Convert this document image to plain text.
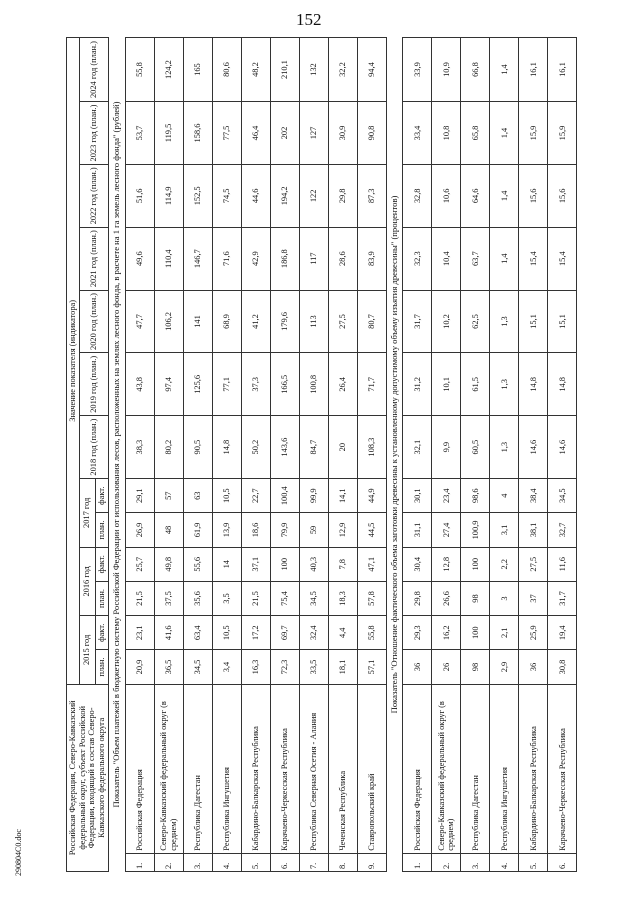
152
Российская Федерация, Северо-Кавказский федеральный округ, субъект Российской Федерации, входящий в состав Северо-Кавказского федерального округа		Значение показателя (индикатора)												
		2015 год		2016 год		2017 год		2018 год (план.)	2019 год (план.)	2020 год (план.)	2021 год (план.)	2022 год (план.)	2023 год (план.)	2024 год (план.)
		план.	факт.	план.	факт.	план.	факт.							
Показатель "Объем платежей в бюджетную систему Российской Федерации от использования лесов, расположенных на землях лесного фонда, в расчете на 1 га земель лесного фонда" (рублей)														
1.	Российская Федерация	20,9	23,1	21,5	25,7	26,9	29,1	38,3	43,8	47,7	49,6	51,6	53,7	55,8
2.	Северо-Кавказский федеральный округ (в среднем)	36,5	41,6	37,5	49,8	48	57	80,2	97,4	106,2	110,4	114,9	119,5	124,2
3.	Республика Дагестан	34,5	63,4	35,6	55,6	61,9	63	90,5	125,6	141	146,7	152,5	158,6	165
4.	Республика Ингушетия	3,4	10,5	3,5	14	13,9	10,5	14,8	77,1	68,9	71,6	74,5	77,5	80,6
5.	Кабардино-Балкарская Республика	16,3	17,2	21,5	37,1	18,6	22,7	50,2	37,3	41,2	42,9	44,6	46,4	48,2
6.	Карачаево-Черкесская Республика	72,3	69,7	75,4	100	79,9	100,4	143,6	166,5	179,6	186,8	194,2	202	210,1
7.	Республика Северная Осетия - Алания	33,5	32,4	34,5	40,3	59	99,9	84,7	100,8	113	117	122	127	132
8.	Чеченская Республика	18,1	4,4	18,3	7,8	12,9	14,1	20	26,4	27,5	28,6	29,8	30,9	32,2
9.	Ставропольский край	57,1	55,8	57,8	47,1	44,5	44,9	108,3	71,7	80,7	83,9	87,3	90,8	94,4
Показатель "Отношение фактического объема заготовки древесины к установленному допустимому объему изъятия древесины" (процентов)														
1.	Российская Федерация	36	29,3	29,8	30,4	31,1	30,1	32,1	31,2	31,7	32,3	32,8	33,4	33,9
2.	Северо-Кавказский федеральный округ (в среднем)	26	16,2	26,6	12,8	27,4	23,4	9,9	10,1	10,2	10,4	10,6	10,8	10,9
3.	Республика Дагестан	98	100	98	100	100,9	98,6	60,5	61,5	62,5	63,7	64,6	65,8	66,8
4.	Республика Ингушетия	2,9	2,1	3	2,2	3,1	4	1,3	1,3	1,3	1,4	1,4	1,4	1,4
5.	Кабардино-Балкарская Республика	36	25,9	37	27,5	38,1	38,4	14,6	14,8	15,1	15,4	15,6	15,9	16,1
6.	Карачаево-Черкесская Республика	30,8	19,4	31,7	11,6	32,7	34,5	14,6	14,8	15,1	15,4	15,6	15,9	16,1
290804С0.doc
